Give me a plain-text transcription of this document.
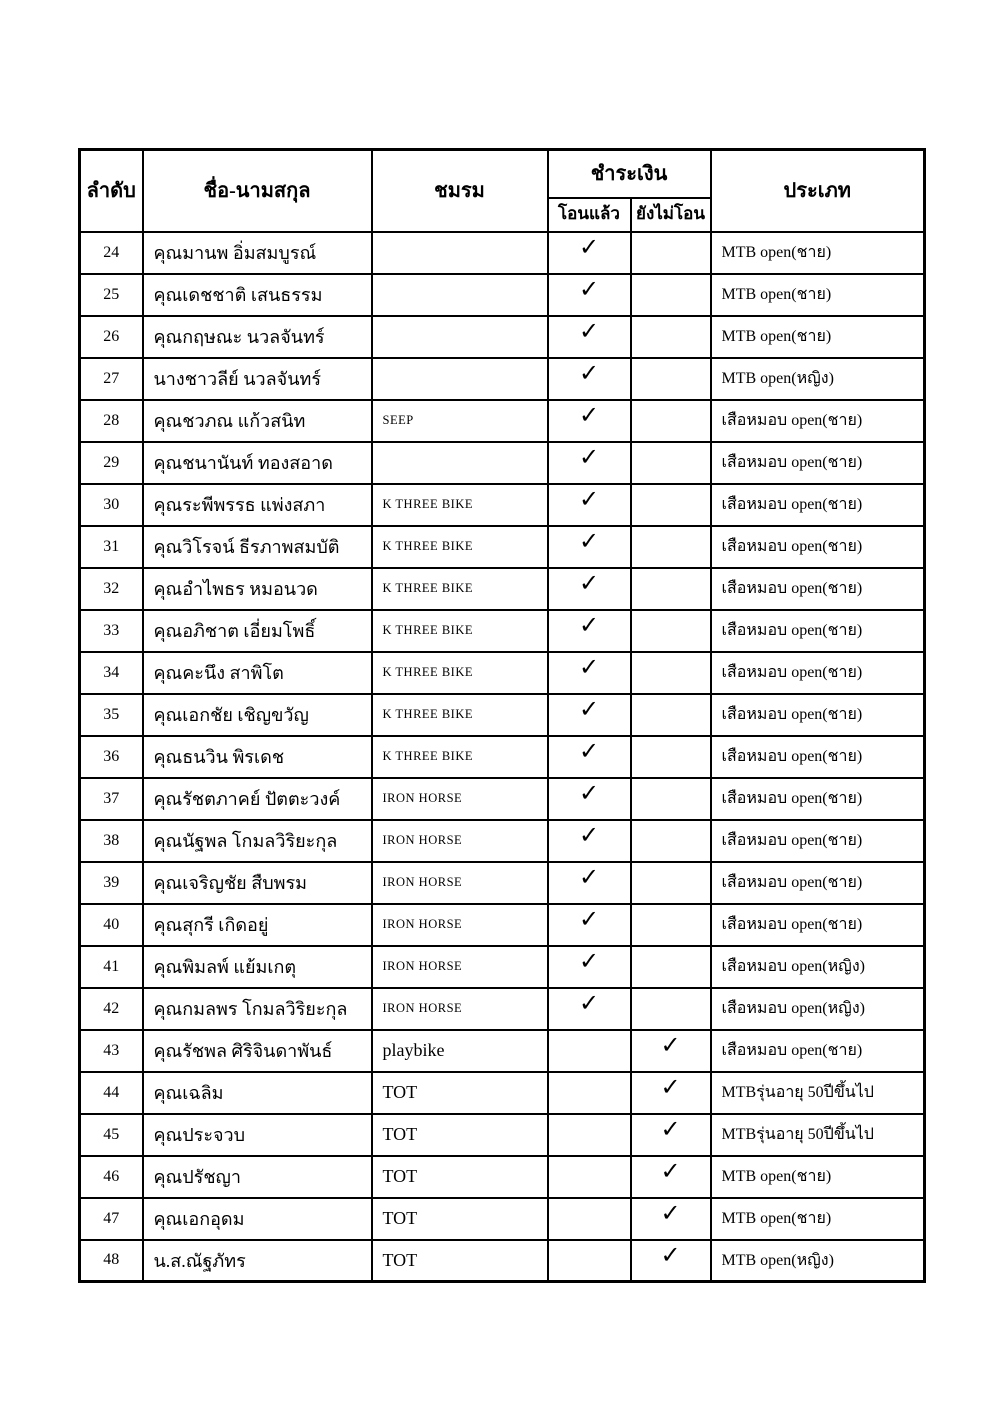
ลำดับ	ชื่อ-นามสกุล	ชมรม	ชำระเงิน		ประเภท
			โอนแล้ว	ยังไม่โอน	
24	คุณมานพ อิ่มสมบูรณ์		✓		MTB open(ชาย)
25	คุณเดชชาติ เสนธรรม		✓		MTB open(ชาย)
26	คุณกฤษณะ นวลจันทร์		✓		MTB open(ชาย)
27	นางชาวลีย์ นวลจันทร์		✓		MTB open(หญิง)
28	คุณชวภณ แก้วสนิท	SEEP	✓		เสือหมอบ open(ชาย)
29	คุณชนานันท์ ทองสอาด		✓		เสือหมอบ open(ชาย)
30	คุณระพีพรรธ แพ่งสภา	K THREE BIKE	✓		เสือหมอบ open(ชาย)
31	คุณวิโรจน์ ธีรภาพสมบัติ	K THREE BIKE	✓		เสือหมอบ open(ชาย)
32	คุณอำไพธร หมอนวด	K THREE BIKE	✓		เสือหมอบ open(ชาย)
33	คุณอภิชาต เอี่ยมโพธิ์	K THREE BIKE	✓		เสือหมอบ open(ชาย)
34	คุณคะนึง สาพิโต	K THREE BIKE	✓		เสือหมอบ open(ชาย)
35	คุณเอกชัย เชิญขวัญ	K THREE BIKE	✓		เสือหมอบ open(ชาย)
36	คุณธนวิน พิรเดช	K THREE BIKE	✓		เสือหมอบ open(ชาย)
37	คุณรัชตภาคย์ ปัตตะวงค์	IRON HORSE	✓		เสือหมอบ open(ชาย)
38	คุณนัฐพล โกมลวิริยะกุล	IRON HORSE	✓		เสือหมอบ open(ชาย)
39	คุณเจริญชัย สืบพรม	IRON HORSE	✓		เสือหมอบ open(ชาย)
40	คุณสุกรี เกิดอยู่	IRON HORSE	✓		เสือหมอบ open(ชาย)
41	คุณพิมลพ์ แย้มเกตุ	IRON HORSE	✓		เสือหมอบ open(หญิง)
42	คุณกมลพร โกมลวิริยะกุล	IRON HORSE	✓		เสือหมอบ open(หญิง)
43	คุณรัชพล ศิริจินดาพันธ์	playbike		✓	เสือหมอบ open(ชาย)
44	คุณเฉลิม	TOT		✓	MTBรุ่นอายุ 50ปีขึ้นไป
45	คุณประจวบ	TOT		✓	MTBรุ่นอายุ 50ปีขึ้นไป
46	คุณปรัชญา	TOT		✓	MTB open(ชาย)
47	คุณเอกอุดม	TOT		✓	MTB open(ชาย)
48	น.ส.ณัฐภัทร	TOT		✓	MTB open(หญิง)
